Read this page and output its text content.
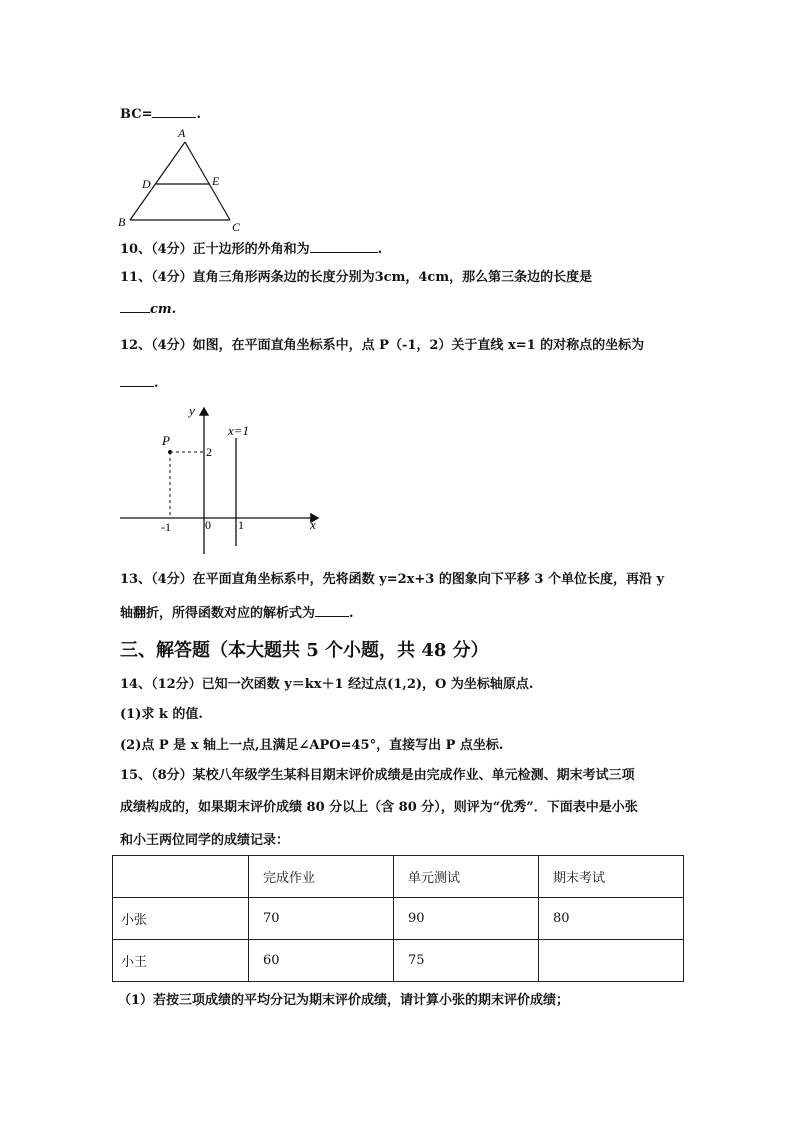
BC=	.
A
D	E
B	C
10、（4分）正十边形的外角和为	.
11、（4分）直角三角形两条边的长度分别为3cm，4cm，那么第三条边的长度是
cm.
12、（4分）如图，在平面直角坐标系中，点 P（-1，2）关于直线 x=1 的对称点的坐标为
.
y
x
P
x=1
2
-1	0 1
13、（4分）在平面直角坐标系中，先将函数 y=2x+3 的图象向下平移 3 个单位长度，再沿 y
轴翻折，所得函数对应的解析式为	.
三、解答题（本大题共 5 个小题，共 48 分）
14、（12分）已知一次函数 y＝kx＋1 经过点(1,2)，O 为坐标轴原点.
(1)求 k 的值.
(2)点 P 是 x 轴上一点,且满足∠APO=45°，直接写出 P 点坐标.
15、（8分）某校八年级学生某科目期末评价成绩是由完成作业、单元检测、期末考试三项
成绩构成的，如果期末评价成绩 80 分以上（含 80 分），则评为“优秀”．下面表中是小张
和小王两位同学的成绩记录：
	完成作业	单元测试	期末考试
小张	70	90	80
小王	60	75	
（1）若按三项成绩的平均分记为期末评价成绩，请计算小张的期末评价成绩；
